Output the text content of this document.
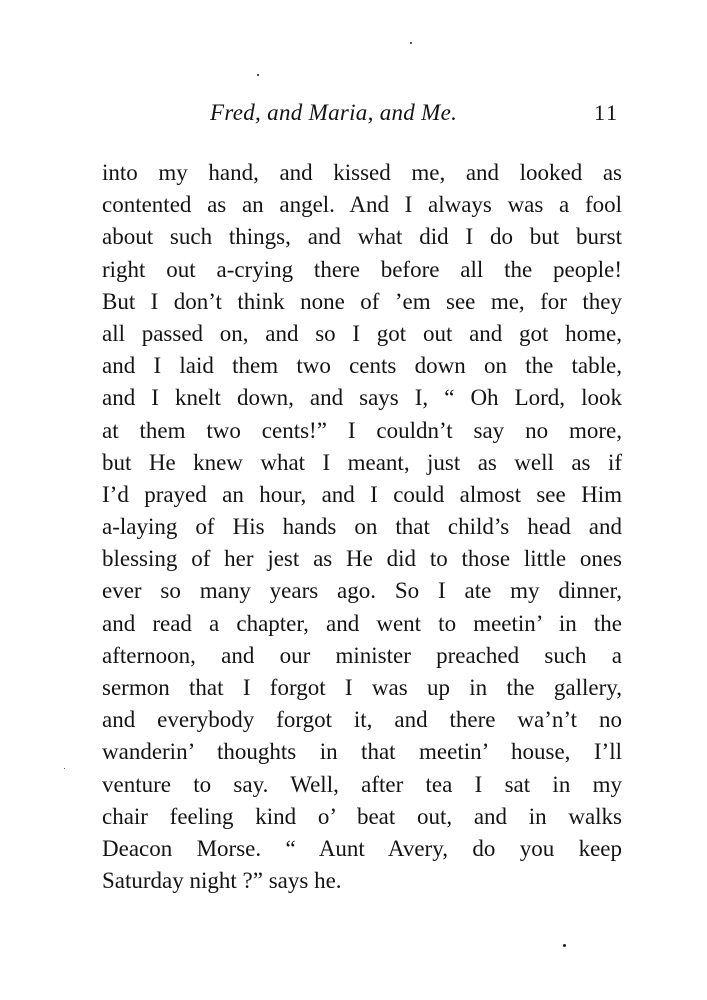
Fred, and Maria, and Me.	11
into my hand, and kissed me, and looked as
contented as an angel. And I always was a fool
about such things, and what did I do but burst
right out a-crying there before all the people!
But I don’t think none of ’em see me, for they
all passed on, and so I got out and got home,
and I laid them two cents down on the table,
and I knelt down, and says I, “ Oh Lord, look
at them two cents!” I couldn’t say no more,
but He knew what I meant, just as well as if
I’d prayed an hour, and I could almost see Him
a-laying of His hands on that child’s head and
blessing of her jest as He did to those little ones
ever so many years ago. So I ate my dinner,
and read a chapter, and went to meetin’ in the
afternoon, and our minister preached such a
sermon that I forgot I was up in the gallery,
and everybody forgot it, and there wa’n’t no
wanderin’ thoughts in that meetin’ house, I’ll
venture to say. Well, after tea I sat in my
chair feeling kind o’ beat out, and in walks
Deacon Morse. “ Aunt Avery, do you keep
Saturday night ?” says he.
